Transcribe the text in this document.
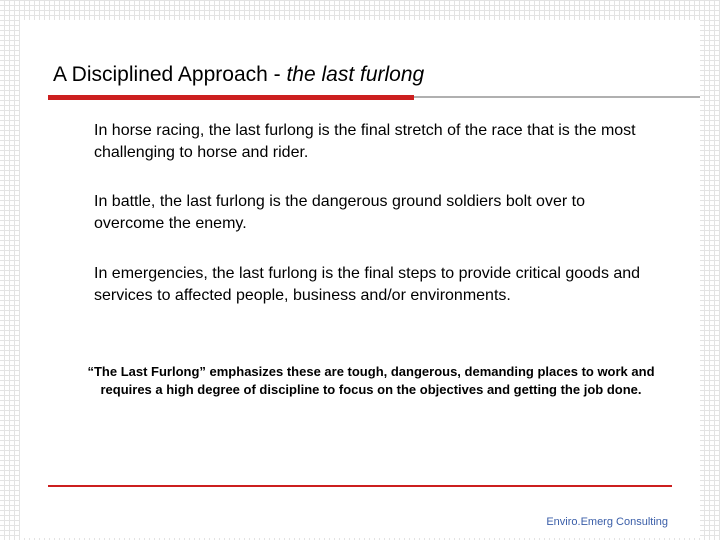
A Disciplined Approach - the last furlong

In horse racing, the last furlong is the final stretch of the race that is the most challenging to horse and rider.

In battle, the last furlong is the dangerous ground soldiers bolt over to overcome the enemy.

In emergencies, the last furlong is the final steps to provide critical goods and services to affected people, business and/or environments.

“The Last Furlong” emphasizes these are tough, dangerous, demanding places to work and requires a high degree of discipline to focus on the objectives and getting the job done.

Enviro.Emerg Consulting
